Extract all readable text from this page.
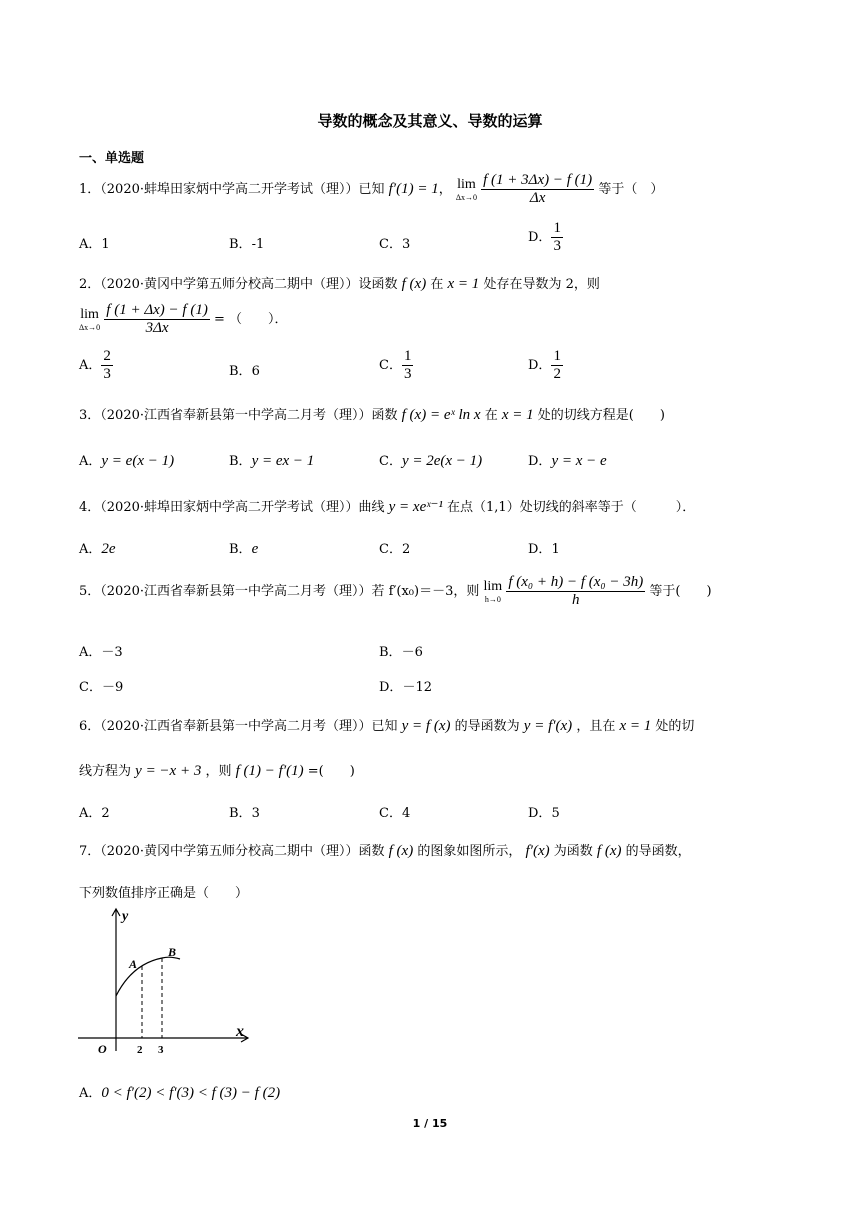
导数的概念及其意义、导数的运算
一、单选题
1．（2020·蚌埠田家炳中学高二开学考试（理））已知 f′(1) = 1， lim
Δx→0
$\frac{f (1 + 3\Delta x) - f (1)}{\Delta x}$ 等于（　）
A．1	B．-1	C．3	D． $\frac{1}{3}$
2．（2020·黄冈中学第五师分校高二期中（理））设函数 f (x) 在 x = 1 处存在导数为 2，则
lim
Δx→0
$\frac{f (1 + \Delta x) - f (1)}{3\Delta x}$ = （　　）．
A． $\frac{2}{3}$	B．6	C． $\frac{1}{3}$	D． $\frac{1}{2}$
3．（2020·江西省奉新县第一中学高二月考（理））函数 f (x) = eˣ ln x 在 x = 1 处的切线方程是(　　)
A．y = e(x − 1)	B．y = ex − 1	C．y = 2e(x − 1)	D．y = x − e
4．（2020·蚌埠田家炳中学高二开学考试（理））曲线 y = xeˣ⁻¹ 在点（1,1）处切线的斜率等于（　　　）．
A．2e	B．e	C．2	D．1
5．（2020·江西省奉新县第一中学高二月考（理））若 f′(x₀)＝－3，则 lim
h→0
$\frac{\text{f (x₀ + h) − f (x₀ − 3h)}}{h}$ 等于(　　)
A．－3	B．－6
C．－9	D．－12
6．（2020·江西省奉新县第一中学高二月考（理））已知 y = f (x) 的导函数为 y = f′(x) ，且在 x = 1 处的切
线方程为 y = −x + 3 ，则 f (1) − f′(1) =(　　)
A．2	B．3	C．4	D．5
7．（2020·黄冈中学第五师分校高二期中（理））函数 f (x) 的图象如图所示， f′(x) 为函数 f (x) 的导函数，
下列数值排序正确是（　　）
y
x
O	2 3
A
B
A．0 < f′(2) < f′(3) < f (3) − f (2)
1 / 15
